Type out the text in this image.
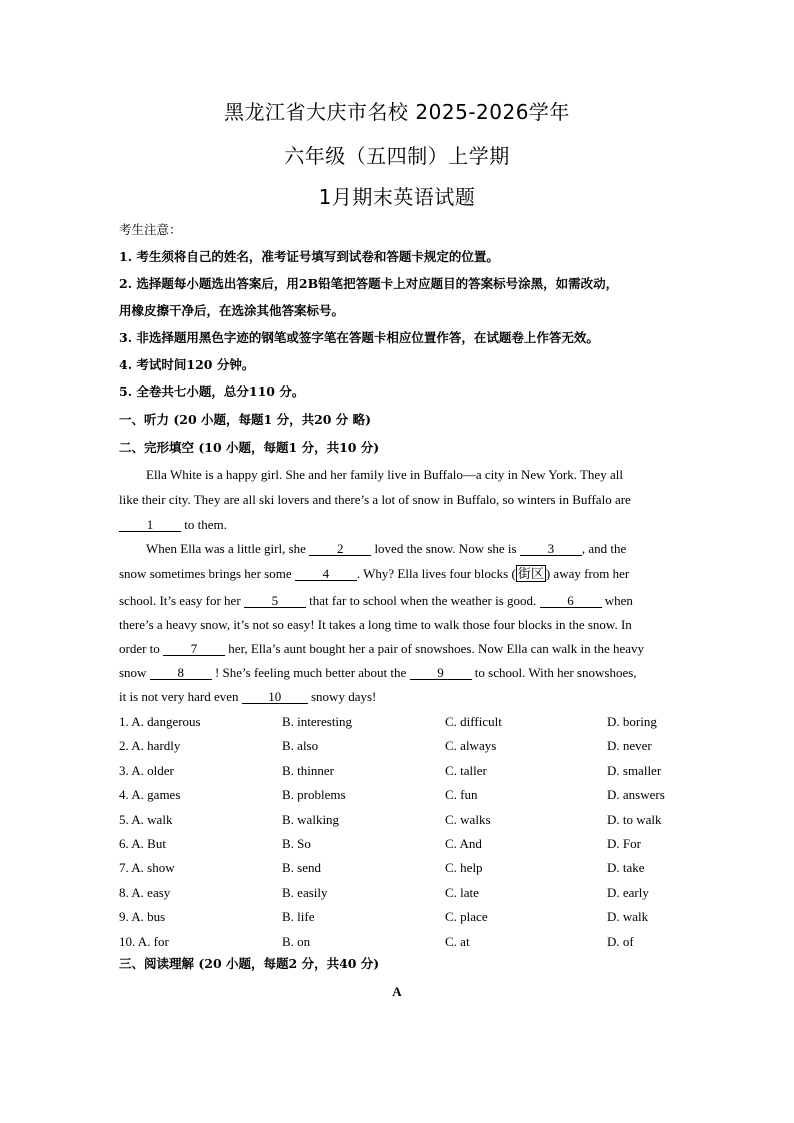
黑龙江省大庆市名校 2025-2026学年
六年级（五四制）上学期
1月期末英语试题
考生注意：
1. 考生须将自己的姓名，准考证号填写到试卷和答题卡规定的位置。
2. 选择题每小题选出答案后，用2B铅笔把答题卡上对应题目的答案标号涂黑，如需改动，
用橡皮擦干净后，在选涂其他答案标号。
3. 非选择题用黑色字迹的钢笔或签字笔在答题卡相应位置作答，在试题卷上作答无效。
4. 考试时间120 分钟。
5. 全卷共七小题，总分110 分。
一、听力 (20 小题，每题1 分，共20 分 略)
二、完形填空 (10 小题，每题1 分，共10 分)
Ella White is a happy girl. She and her family live in Buffalo—a city in New York. They all
like their city. They are all ski lovers and there’s a lot of snow in Buffalo, so winters in Buffalo are
1 to them.
When Ella was a little girl, she 2 loved the snow. Now she is 3 , and the
snow sometimes brings her some 4 . Why? Ella lives four blocks ( 街区 ) away from her
school. It’s easy for her 5 that far to school when the weather is good. 6 when
there’s a heavy snow, it’s not so easy! It takes a long time to walk those four blocks in the snow. In
order to 7 her, Ella’s aunt bought her a pair of snowshoes. Now Ella can walk in the heavy
snow 8 ! She’s feeling much better about the 9 to school. With her snowshoes,
it is not very hard even 10 snowy days!
1. A. dangerous	B. interesting	C. difficult	D. boring
2. A. hardly	B. also	C. always	D. never
3. A. older	B. thinner	C. taller	D. smaller
4. A. games	B. problems	C. fun	D. answers
5. A. walk	B. walking	C. walks	D. to walk
6. A. But	B. So	C. And	D. For
7. A. show	B. send	C. help	D. take
8. A. easy	B. easily	C. late	D. early
9. A. bus	B. life	C. place	D. walk
10. A. for	B. on	C. at	D. of
三、阅读理解 (20 小题，每题2 分，共40 分)
A
